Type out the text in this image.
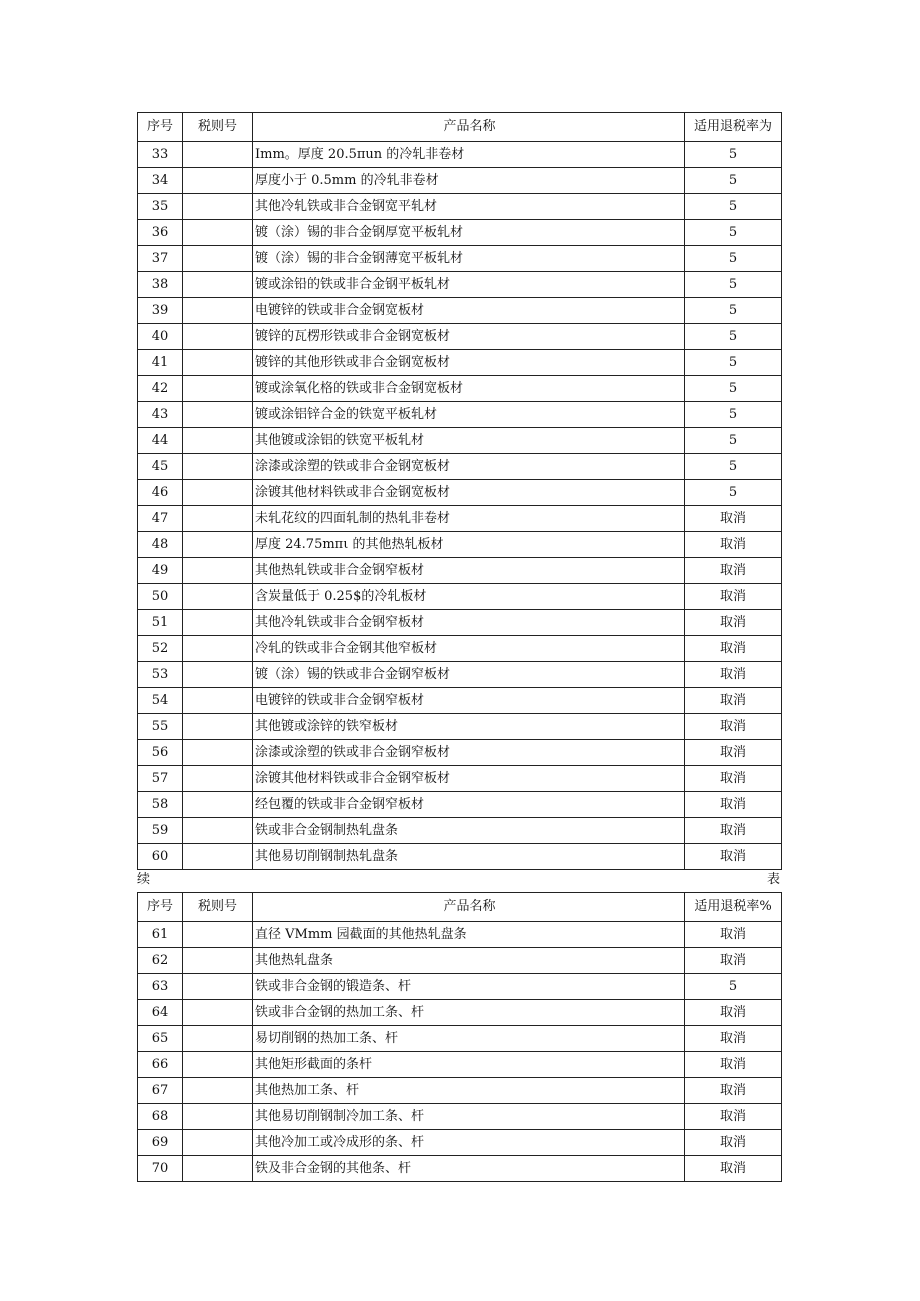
序号	税则号	产品名称	适用退税率为
33		Imm。厚度 20.5πun 的冷轧非卷材	5
34		厚度小于 0.5mm 的冷轧非卷材	5
35		其他冷轧铁或非合金钢宽平轧材	5
36		镀（涂）锡的非合金钢厚宽平板轧材	5
37		镀（涂）锡的非合金钢薄宽平板轧材	5
38		镀或涂铅的铁或非合金钢平板轧材	5
39		电镀锌的铁或非合金钢宽板材	5
40		镀锌的瓦楞形铁或非合金钢宽板材	5
41		镀锌的其他形铁或非合金钢宽板材	5
42		镀或涂氧化格的铁或非合金钢宽板材	5
43		镀或涂铝锌合金的铁宽平板轧材	5
44		其他镀或涂铝的铁宽平板轧材	5
45		涂漆或涂塑的铁或非合金钢宽板材	5
46		涂镀其他材料铁或非合金钢宽板材	5
47		未轧花纹的四面轧制的热轧非卷材	取消
48		厚度 24.75mπι 的其他热轧板材	取消
49		其他热轧铁或非合金钢窄板材	取消
50		含炭量低于 0.25$的冷轧板材	取消
51		其他冷轧铁或非合金钢窄板材	取消
52		冷轧的铁或非合金钢其他窄板材	取消
53		镀（涂）锡的铁或非合金钢窄板材	取消
54		电镀锌的铁或非合金钢窄板材	取消
55		其他镀或涂锌的铁窄板材	取消
56		涂漆或涂塑的铁或非合金钢窄板材	取消
57		涂镀其他材料铁或非合金钢窄板材	取消
58		经包覆的铁或非合金钢窄板材	取消
59		铁或非合金钢制热轧盘条	取消
60		其他易切削钢制热轧盘条	取消
续	表
序号	税则号	产品名称	适用退税率%
61		直径 VMmm 园截面的其他热轧盘条	取消
62		其他热轧盘条	取消
63		铁或非合金钢的锻造条、杆	5
64		铁或非合金钢的热加工条、杆	取消
65		易切削钢的热加工条、杆	取消
66		其他矩形截面的条杆	取消
67		其他热加工条、杆	取消
68		其他易切削钢制冷加工条、杆	取消
69		其他冷加工或冷成形的条、杆	取消
70		铁及非合金钢的其他条、杆	取消
